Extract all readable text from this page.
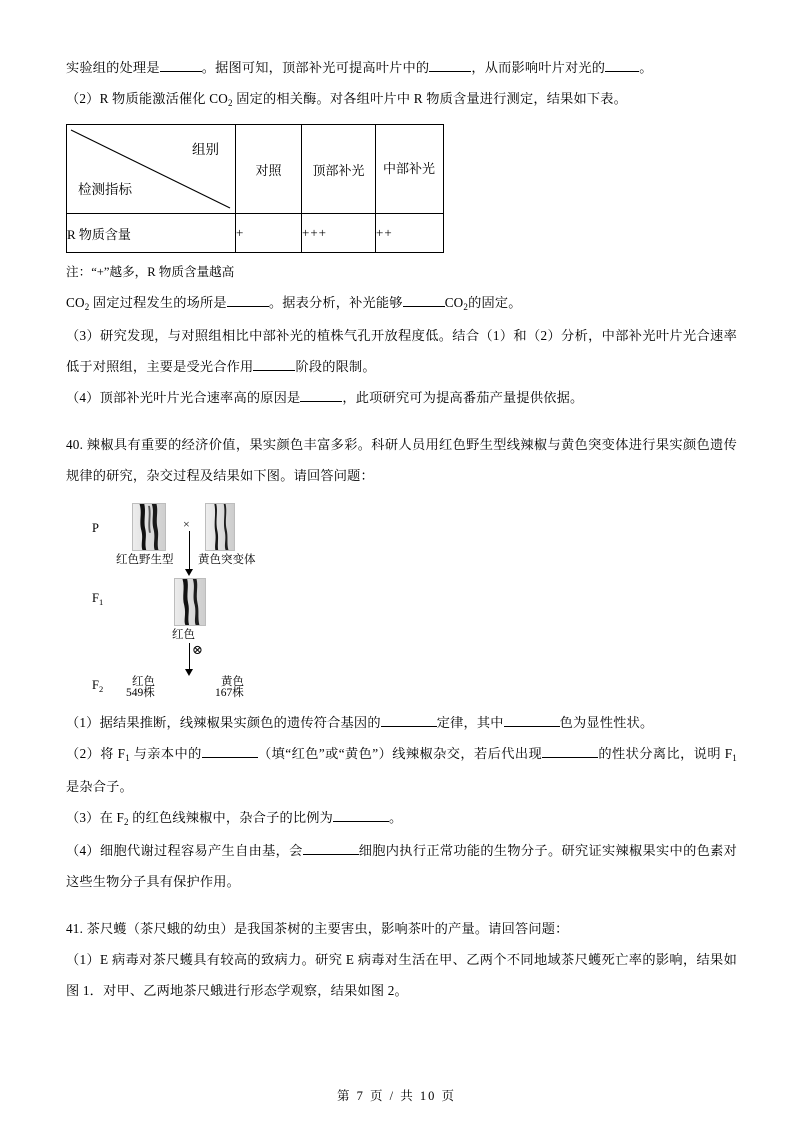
实验组的处理是	。据图可知，顶部补光可提高叶片中的	，从而影响叶片对光的	。

（2）R 物质能激活催化 $CO_2$ 固定的相关酶。对各组叶片中 R 物质含量进行测定，结果如下表。

组别
检测指标	对照	顶部补光	中部补光
R 物质含量	+	+++	++

注：“+”越多，R 物质含量越高

$CO_2$ 固定过程发生的场所是	。据表分析，补光能够	$CO_2$的固定。

（3）研究发现，与对照组相比中部补光的植株气孔开放程度低。结合（1）和（2）分析，中部补光叶片光合速率低于对照组，主要是受光合作用	阶段的限制。

（4）顶部补光叶片光合速率高的原因是	，此项研究可为提高番茄产量提供依据。

40. 辣椒具有重要的经济价值，果实颜色丰富多彩。科研人员用红色野生型线辣椒与黄色突变体进行果实颜色遗传规律的研究，杂交过程及结果如下图。请回答问题：

P	×
红色野生型 黄色突变体
$F_1$
红色
⊗
$F_2$
红色
549株
黄色
167株

（1）据结果推断，线辣椒果实颜色的遗传符合基因的	定律，其中	色为显性性状。

（2）将 $F_1$ 与亲本中的	（填“红色”或“黄色”）线辣椒杂交，若后代出现	的性状分离比，说明 $F_1$ 是杂合子。

（3）在 $F_2$ 的红色线辣椒中，杂合子的比例为	。

（4）细胞代谢过程容易产生自由基，会	细胞内执行正常功能的生物分子。研究证实辣椒果实中的色素对这些生物分子具有保护作用。

41. 茶尺蠖（茶尺蛾的幼虫）是我国茶树的主要害虫，影响茶叶的产量。请回答问题：

（1）E 病毒对茶尺蠖具有较高的致病力。研究 E 病毒对生活在甲、乙两个不同地域茶尺蠖死亡率的影响，结果如图 1．对甲、乙两地茶尺蛾进行形态学观察，结果如图 2。

第 7 页 / 共 10 页
